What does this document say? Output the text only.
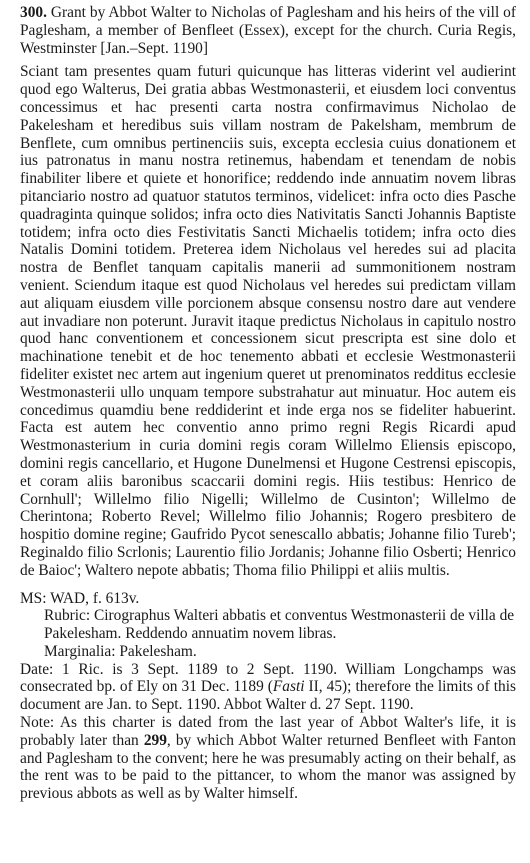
300. Grant by Abbot Walter to Nicholas of Paglesham and his heirs of the vill of Paglesham, a member of Benfleet (Essex), except for the church. Curia Regis, Westminster [Jan.–Sept. 1190]

Sciant tam presentes quam futuri quicunque has litteras viderint vel audierint quod ego Walterus, Dei gratia abbas Westmonasterii, et eiusdem loci conventus concessimus et hac presenti carta nostra confirmavimus Nicholao de Pakelesham et heredibus suis villam nostram de Pakelsham, membrum de Benflete, cum omnibus pertinenciis suis, excepta ecclesia cuius donationem et ius patronatus in manu nostra retinemus, habendam et tenendam de nobis finabiliter libere et quiete et honorifice; reddendo inde annuatim novem libras pitanciario nostro ad quatuor statutos terminos, videlicet: infra octo dies Pasche quadraginta quinque solidos; infra octo dies Nativitatis Sancti Johannis Baptiste totidem; infra octo dies Festivitatis Sancti Michaelis totidem; infra octo dies Natalis Domini totidem. Preterea idem Nicholaus vel heredes sui ad placita nostra de Benflet tanquam capitalis manerii ad summonitionem nostram venient. Sciendum itaque est quod Nicholaus vel heredes sui predictam villam aut aliquam eiusdem ville porcionem absque consensu nostro dare aut vendere aut invadiare non poterunt. Juravit itaque predictus Nicholaus in capitulo nostro quod hanc conventionem et concessionem sicut prescripta est sine dolo et machinatione tenebit et de hoc tenemento abbati et ecclesie Westmonasterii fideliter existet nec artem aut ingenium queret ut prenominatos redditus ecclesie Westmonasterii ullo unquam tempore substrahatur aut minuatur. Hoc autem eis concedimus quamdiu bene reddiderint et inde erga nos se fideliter habuerint. Facta est autem hec conventio anno primo regni Regis Ricardi apud Westmonasterium in curia domini regis coram Willelmo Eliensis episcopo, domini regis cancellario, et Hugone Dunelmensi et Hugone Cestrensi episcopis, et coram aliis baronibus scaccarii domini regis. Hiis testibus: Henrico de Cornhull'; Willelmo filio Nigelli; Willelmo de Cusinton'; Willelmo de Cherintona; Roberto Revel; Willelmo filio Johannis; Rogero presbitero de hospitio domine regine; Gaufrido Pycot senescallo abbatis; Johanne filio Tureb'; Reginaldo filio Scrlonis; Laurentio filio Jordanis; Johanne filio Osberti; Henrico de Baioc'; Waltero nepote abbatis; Thoma filio Philippi et aliis multis.

MS: WAD, f. 613v.

Rubric: Cirographus Walteri abbatis et conventus Westmonasterii de villa de Pakelesham. Reddendo annuatim novem libras.

Marginalia: Pakelesham.

Date: 1 Ric. is 3 Sept. 1189 to 2 Sept. 1190. William Longchamps was consecrated bp. of Ely on 31 Dec. 1189 (Fasti II, 45); therefore the limits of this document are Jan. to Sept. 1190. Abbot Walter d. 27 Sept. 1190.

Note: As this charter is dated from the last year of Abbot Walter's life, it is probably later than 299, by which Abbot Walter returned Benfleet with Fanton and Paglesham to the convent; here he was presumably acting on their behalf, as the rent was to be paid to the pittancer, to whom the manor was assigned by previous abbots as well as by Walter himself.
